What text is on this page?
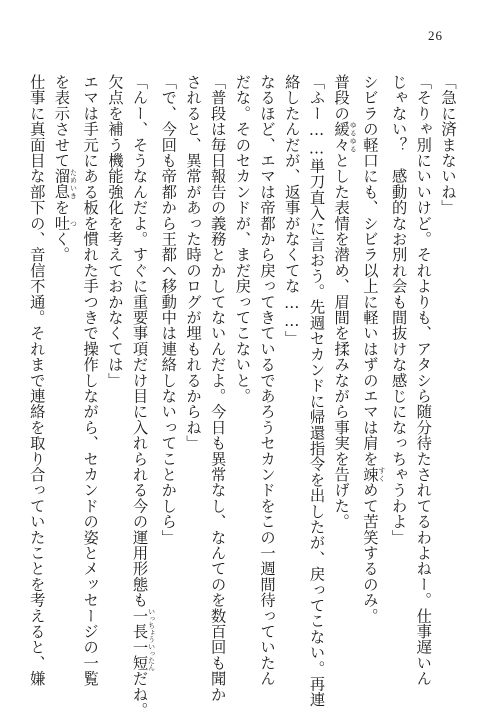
26
「急に済まないね」
「そりゃ別にいいけど。それよりも、アタシら随分待たされてるわよねー。仕事遅いん
じゃない？　感動的なお別れ会も間抜けな感じになっちゃうわよ」
シビラの軽口にも、シビラ以上に軽いはずのエマは肩を竦 すくめて苦笑するのみ。
普段の緩々 ゆるゆるとした表情を潜め、眉間を揉みながら事実を告げた。
「ふー……単刀直入に言おう。先週セカンドに帰還指令を出したが、戻ってこない。再連
絡したんだが、返事がなくてな……」
なるほど、エマは帝都から戻ってきているであろうセカンドをこの一週間待っていたん
だな。そのセカンドが、まだ戻ってこないと。
「普段は毎日報告の義務とかしてないんだよ。今日も異常なし、なんてのを数百回も聞か
されると、異常があった時のログが埋もれるからね」
「で、今回も帝都から王都へ移動中は連絡しないってことかしら」
「んー、そうなんだよ。すぐに重要事項だけ目に入れられる今の運用形態も一長一短 いっちょういったんだね。
欠点を補う機能強化を考えておかなくては」
エマは手元にある板を慣れた手つきで操作しながら、セカンドの姿とメッセージの一覧
を表示させて溜息 ためいきを吐 つく。
仕事に真面目な部下の、音信不通。それまで連絡を取り合っていたことを考えると、嫌
